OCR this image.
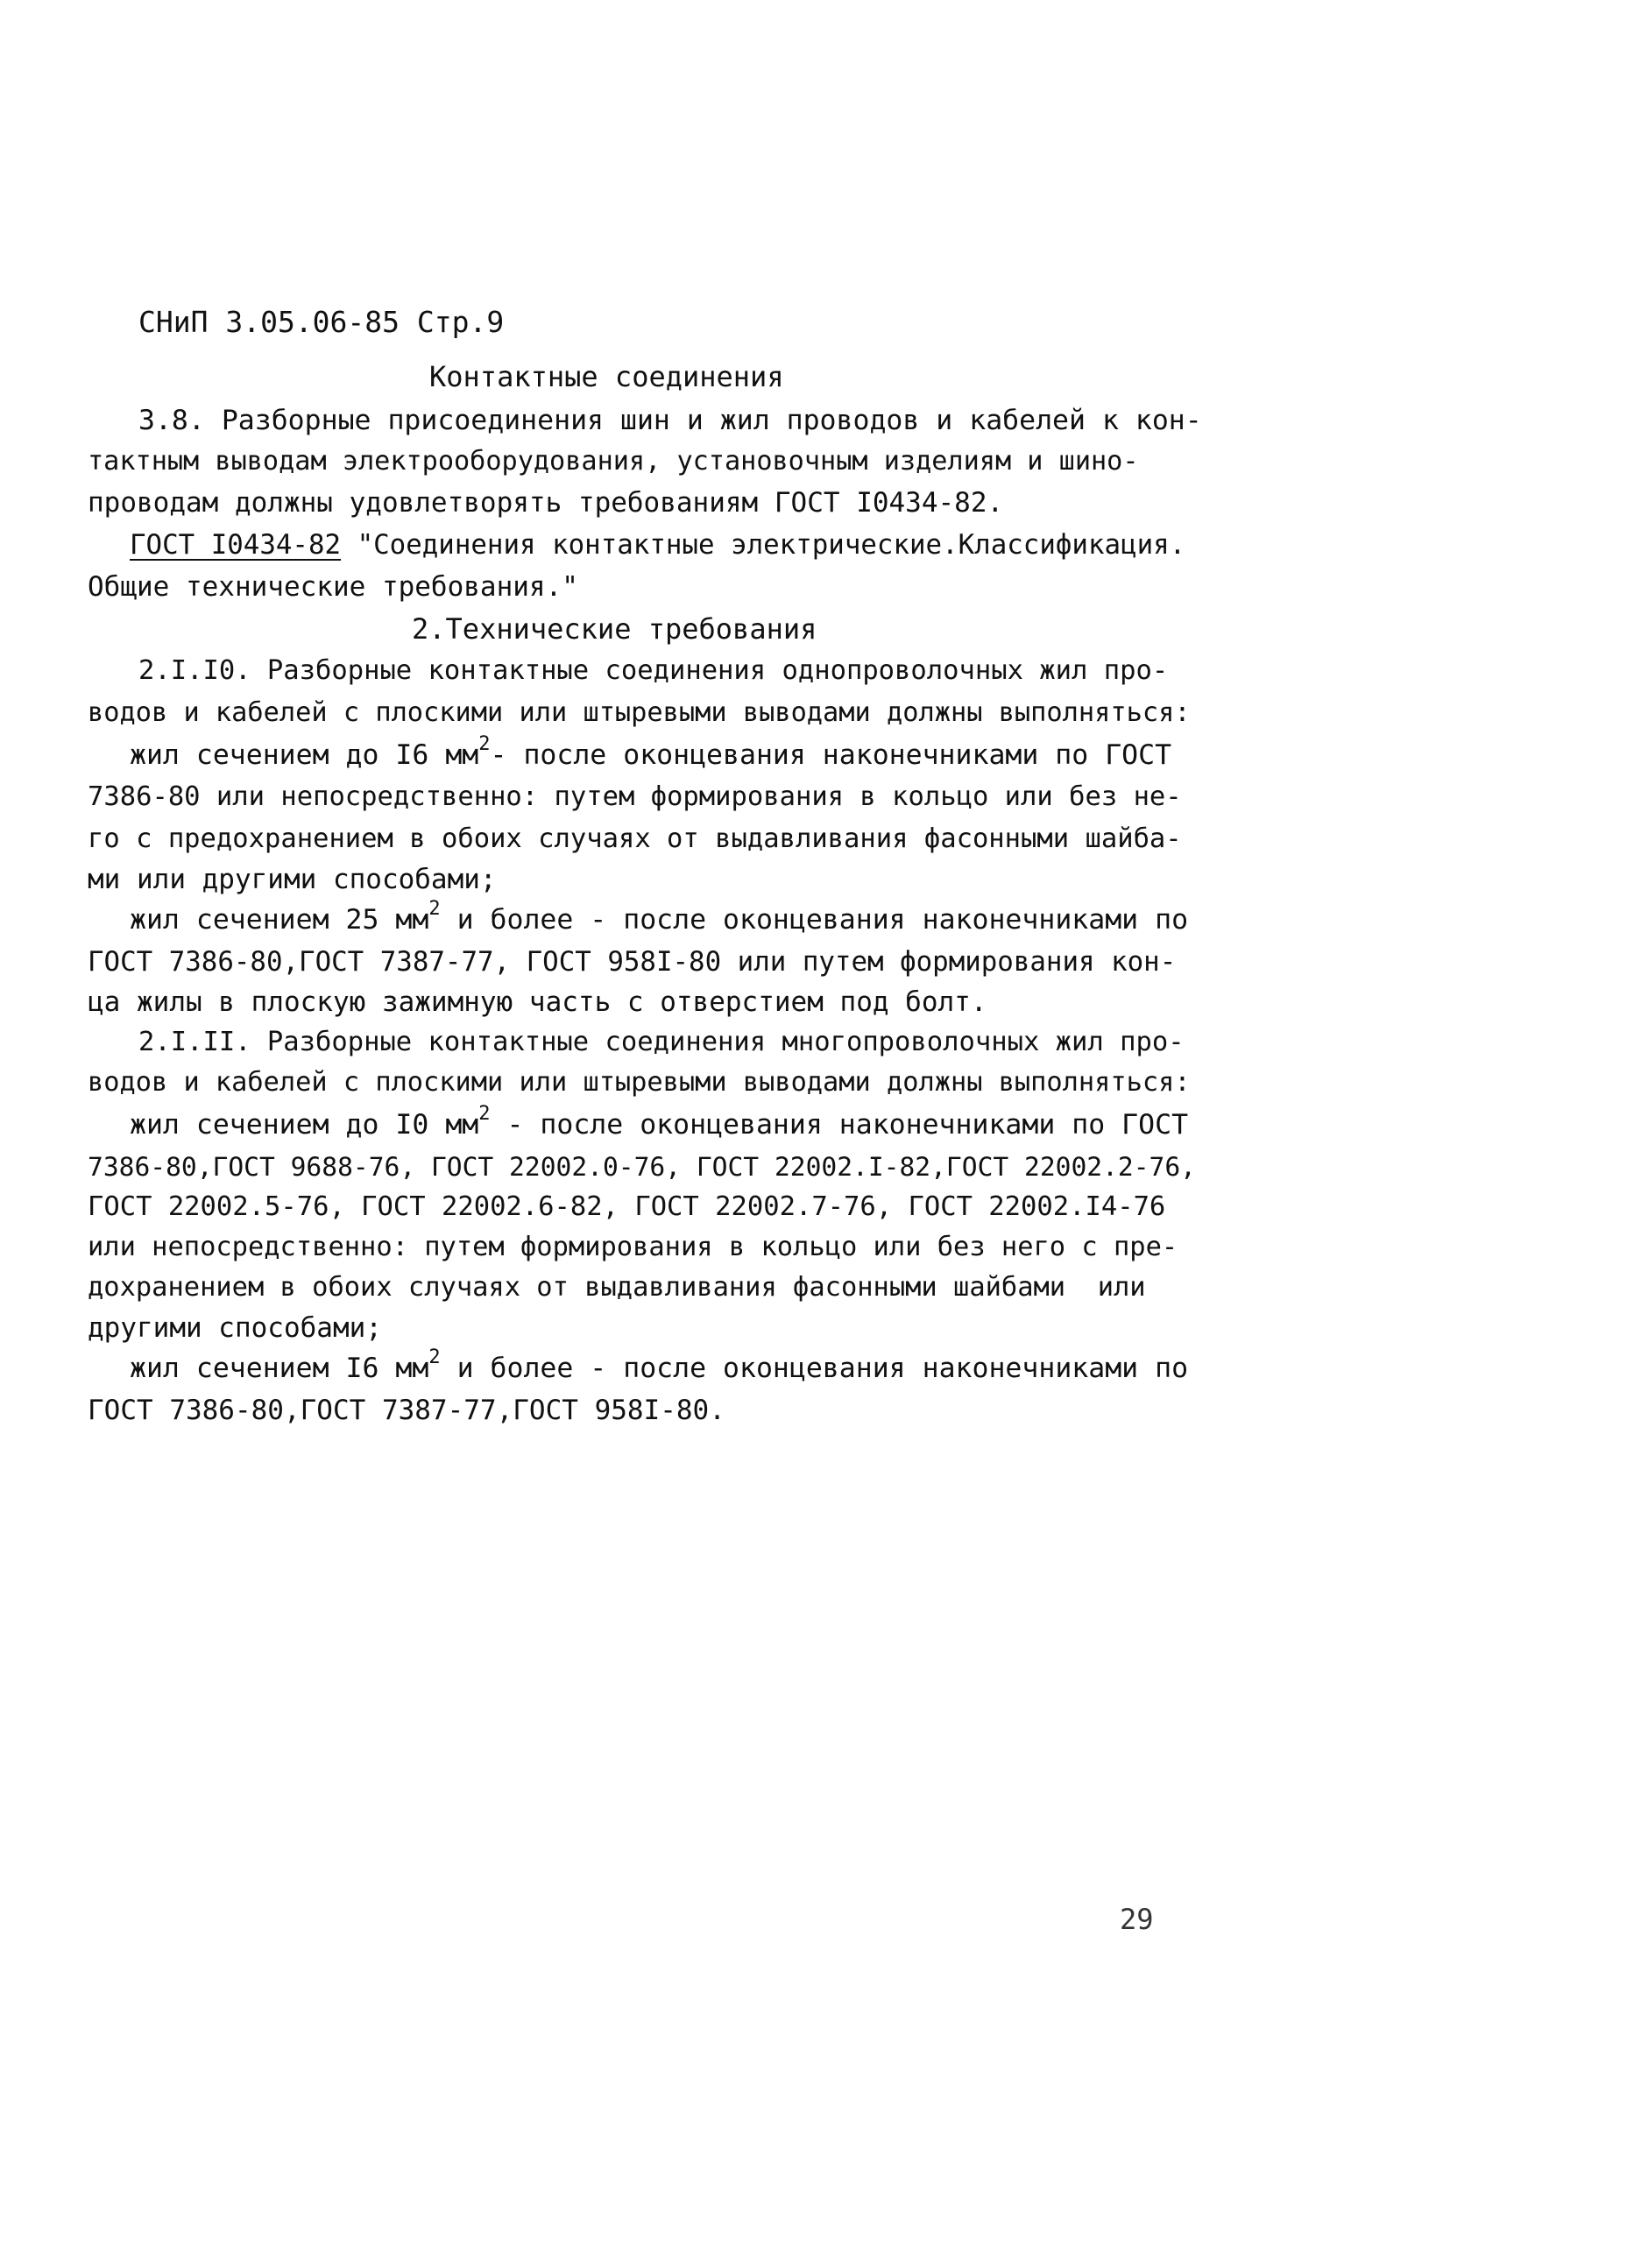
СНиП 3.05.06-85 Стр.9
Контактные соединения
3.8. Разборные присоединения шин и жил проводов и кабелей к кон-
тактным выводам электрооборудования, установочным изделиям и шино-
проводам должны удовлетворять требованиям ГОСТ I0434-82.
ГОСТ I0434-82 "Соединения контактные электрические.Классификация.
Общие технические требования."
2.Технические требования
2.I.I0. Разборные контактные соединения однопроволочных жил про-
водов и кабелей с плоскими или штыревыми выводами должны выполняться:
жил сечением до I6 $мм^2-$ после оконцевания наконечниками по ГОСТ
7386-80 или непосредственно: путем формирования в кольцо или без не-
го с предохранением в обоих случаях от выдавливания фасонными шайба-
ми или другими способами;
жил сечением 25 $мм^2$ и более - после оконцевания наконечниками по
ГОСТ 7386-80,ГОСТ 7387-77, ГОСТ 958I-80 или путем формирования кон-
ца жилы в плоскую зажимную часть с отверстием под болт.
2.I.II. Разборные контактные соединения многопроволочных жил про-
водов и кабелей с плоскими или штыревыми выводами должны выполняться:
жил сечением до I0 $мм^2$ - после оконцевания наконечниками по ГОСТ
7386-80,ГОСТ 9688-76, ГОСТ 22002.0-76, ГОСТ 22002.I-82,ГОСТ 22002.2-76,
ГОСТ 22002.5-76, ГОСТ 22002.6-82, ГОСТ 22002.7-76, ГОСТ 22002.I4-76
или непосредственно: путем формирования в кольцо или без него с пре-
дохранением в обоих случаях от выдавливания фасонными шайбами  или
другими способами;
жил сечением I6 $мм^2$ и более - после оконцевания наконечниками по
ГОСТ 7386-80,ГОСТ 7387-77,ГОСТ 958I-80.
29
